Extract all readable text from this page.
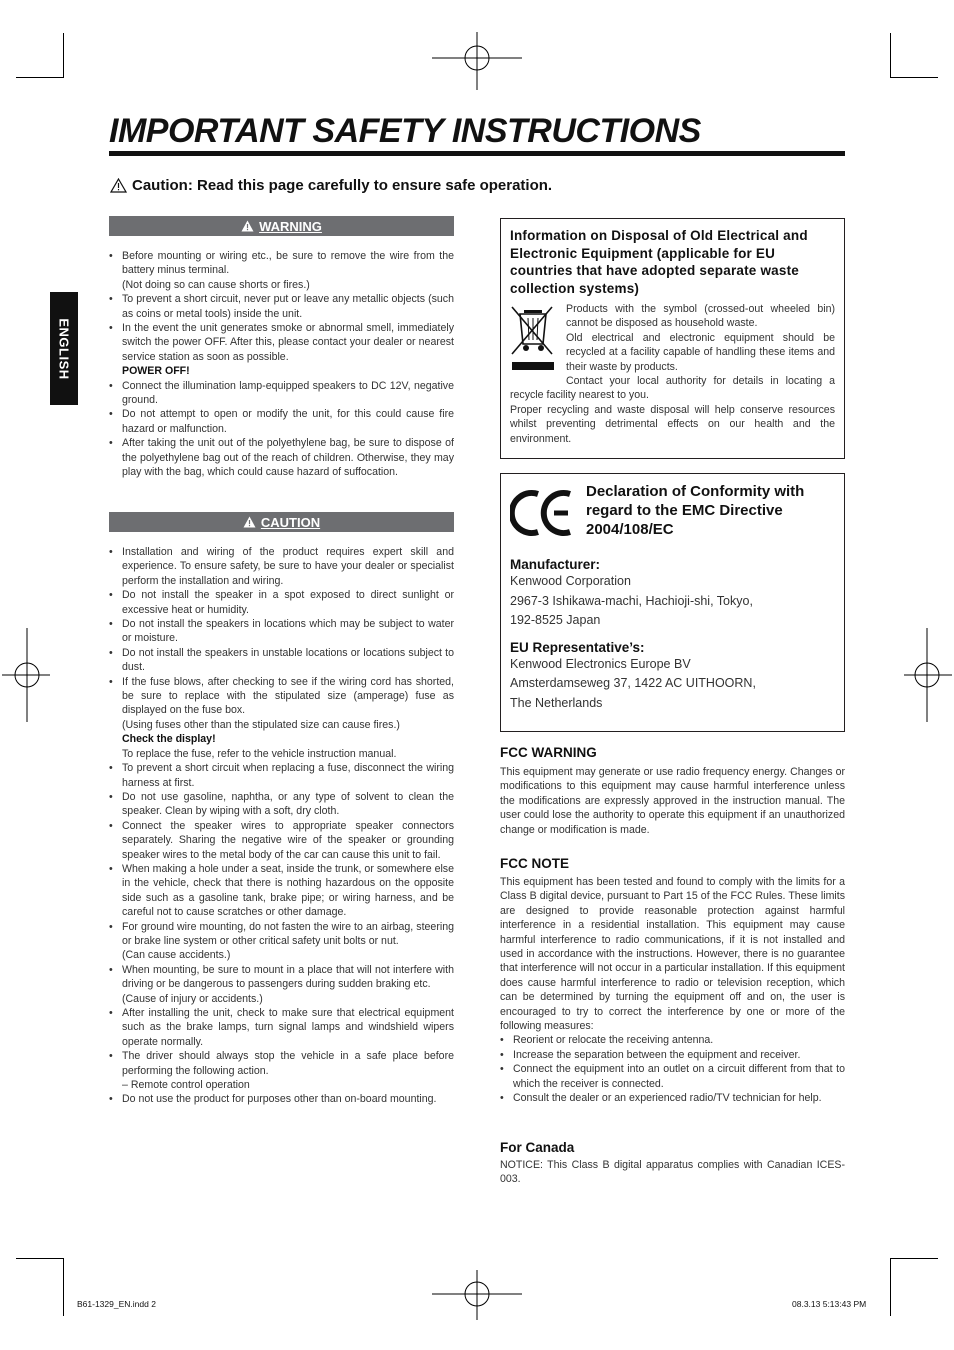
IMPORTANT SAFETY INSTRUCTIONS
Caution: Read this page carefully to ensure safe operation.
ENGLISH
WARNING
• Before mounting or wiring etc., be sure to remove the wire from the battery minus terminal.
(Not doing so can cause shorts or fires.)
• To prevent a short circuit, never put or leave any metallic objects (such as coins or metal tools) inside the unit.
• In the event the unit generates smoke or abnormal smell, immediately switch the power OFF. After this, please contact your dealer or nearest service station as soon as possible.
POWER OFF!
• Connect the illumination lamp-equipped speakers to DC 12V, negative ground.
• Do not attempt to open or modify the unit, for this could cause fire hazard or malfunction.
• After taking the unit out of the polyethylene bag, be sure to dispose of the polyethylene bag out of the reach of children. Otherwise, they may play with the bag, which could cause hazard of suffocation.
CAUTION
• Installation and wiring of the product requires expert skill and experience. To ensure safety, be sure to have your dealer or specialist perform the installation and wiring.
• Do not install the speaker in a spot exposed to direct sunlight or excessive heat or humidity.
• Do not install the speakers in locations which may be subject to water or moisture.
• Do not install the speakers in unstable locations or locations subject to dust.
• If the fuse blows, after checking to see if the wiring cord has shorted, be sure to replace with the stipulated size (amperage) fuse as displayed on the fuse box.
(Using fuses other than the stipulated size can cause fires.)
Check the display!
To replace the fuse, refer to the vehicle instruction manual.
• To prevent a short circuit when replacing a fuse, disconnect the wiring harness at first.
• Do not use gasoline, naphtha, or any type of solvent to clean the speaker. Clean by wiping with a soft, dry cloth.
• Connect the speaker wires to appropriate speaker connectors separately. Sharing the negative wire of the speaker or grounding speaker wires to the metal body of the car can cause this unit to fail.
• When making a hole under a seat, inside the trunk, or somewhere else in the vehicle, check that there is nothing hazardous on the opposite side such as a gasoline tank, brake pipe; or wiring harness, and be careful not to cause scratches or other damage.
• For ground wire mounting, do not fasten the wire to an airbag, steering or brake line system or other critical safety unit bolts or nut.
(Can cause accidents.)
• When mounting, be sure to mount in a place that will not interfere with driving or be dangerous to passengers during sudden braking etc.
(Cause of injury or accidents.)
• After installing the unit, check to make sure that electrical equipment such as the brake lamps, turn signal lamps and windshield wipers operate normally.
• The driver should always stop the vehicle in a safe place before performing the following action.
– Remote control operation
• Do not use the product for purposes other than on-board mounting.
Information on Disposal of Old Electrical and Electronic Equipment (applicable for EU countries that have adopted separate waste collection systems)
Products with the symbol (crossed-out wheeled bin) cannot be disposed as household waste.
Old electrical and electronic equipment should be recycled at a facility capable of handling these items and their waste by products.
Contact your local authority for details in locating a recycle facility nearest to you.
Proper recycling and waste disposal will help conserve resources whilst preventing detrimental effects on our health and the environment.
Declaration of Conformity with regard to the EMC Directive 2004/108/EC
Manufacturer:
Kenwood Corporation
2967-3 Ishikawa-machi, Hachioji-shi, Tokyo,
192-8525 Japan
EU Representative’s:
Kenwood Electronics Europe BV
Amsterdamseweg 37, 1422 AC UITHOORN,
The Netherlands
FCC WARNING
This equipment may generate or use radio frequency energy. Changes or modifications to this equipment may cause harmful interference unless the modifications are expressly approved in the instruction manual. The user could lose the authority to operate this equipment if an unauthorized change or modification is made.
FCC NOTE
This equipment has been tested and found to comply with the limits for a Class B digital device, pursuant to Part 15 of the FCC Rules. These limits are designed to provide reasonable protection against harmful interference in a residential installation. This equipment may cause harmful interference to radio communications, if it is not installed and used in accordance with the instructions. However, there is no guarantee that interference will not occur in a particular installation. If this equipment does cause harmful interference to radio or television reception, which can be determined by turning the equipment off and on, the user is encouraged to try to correct the interference by one or more of the following measures:
• Reorient or relocate the receiving antenna.
• Increase the separation between the equipment and receiver.
• Connect the equipment into an outlet on a circuit different from that to which the receiver is connected.
• Consult the dealer or an experienced radio/TV technician for help.
For Canada
NOTICE: This Class B digital apparatus complies with Canadian ICES-003.
B61-1329_EN.indd 2	08.3.13 5:13:43 PM
